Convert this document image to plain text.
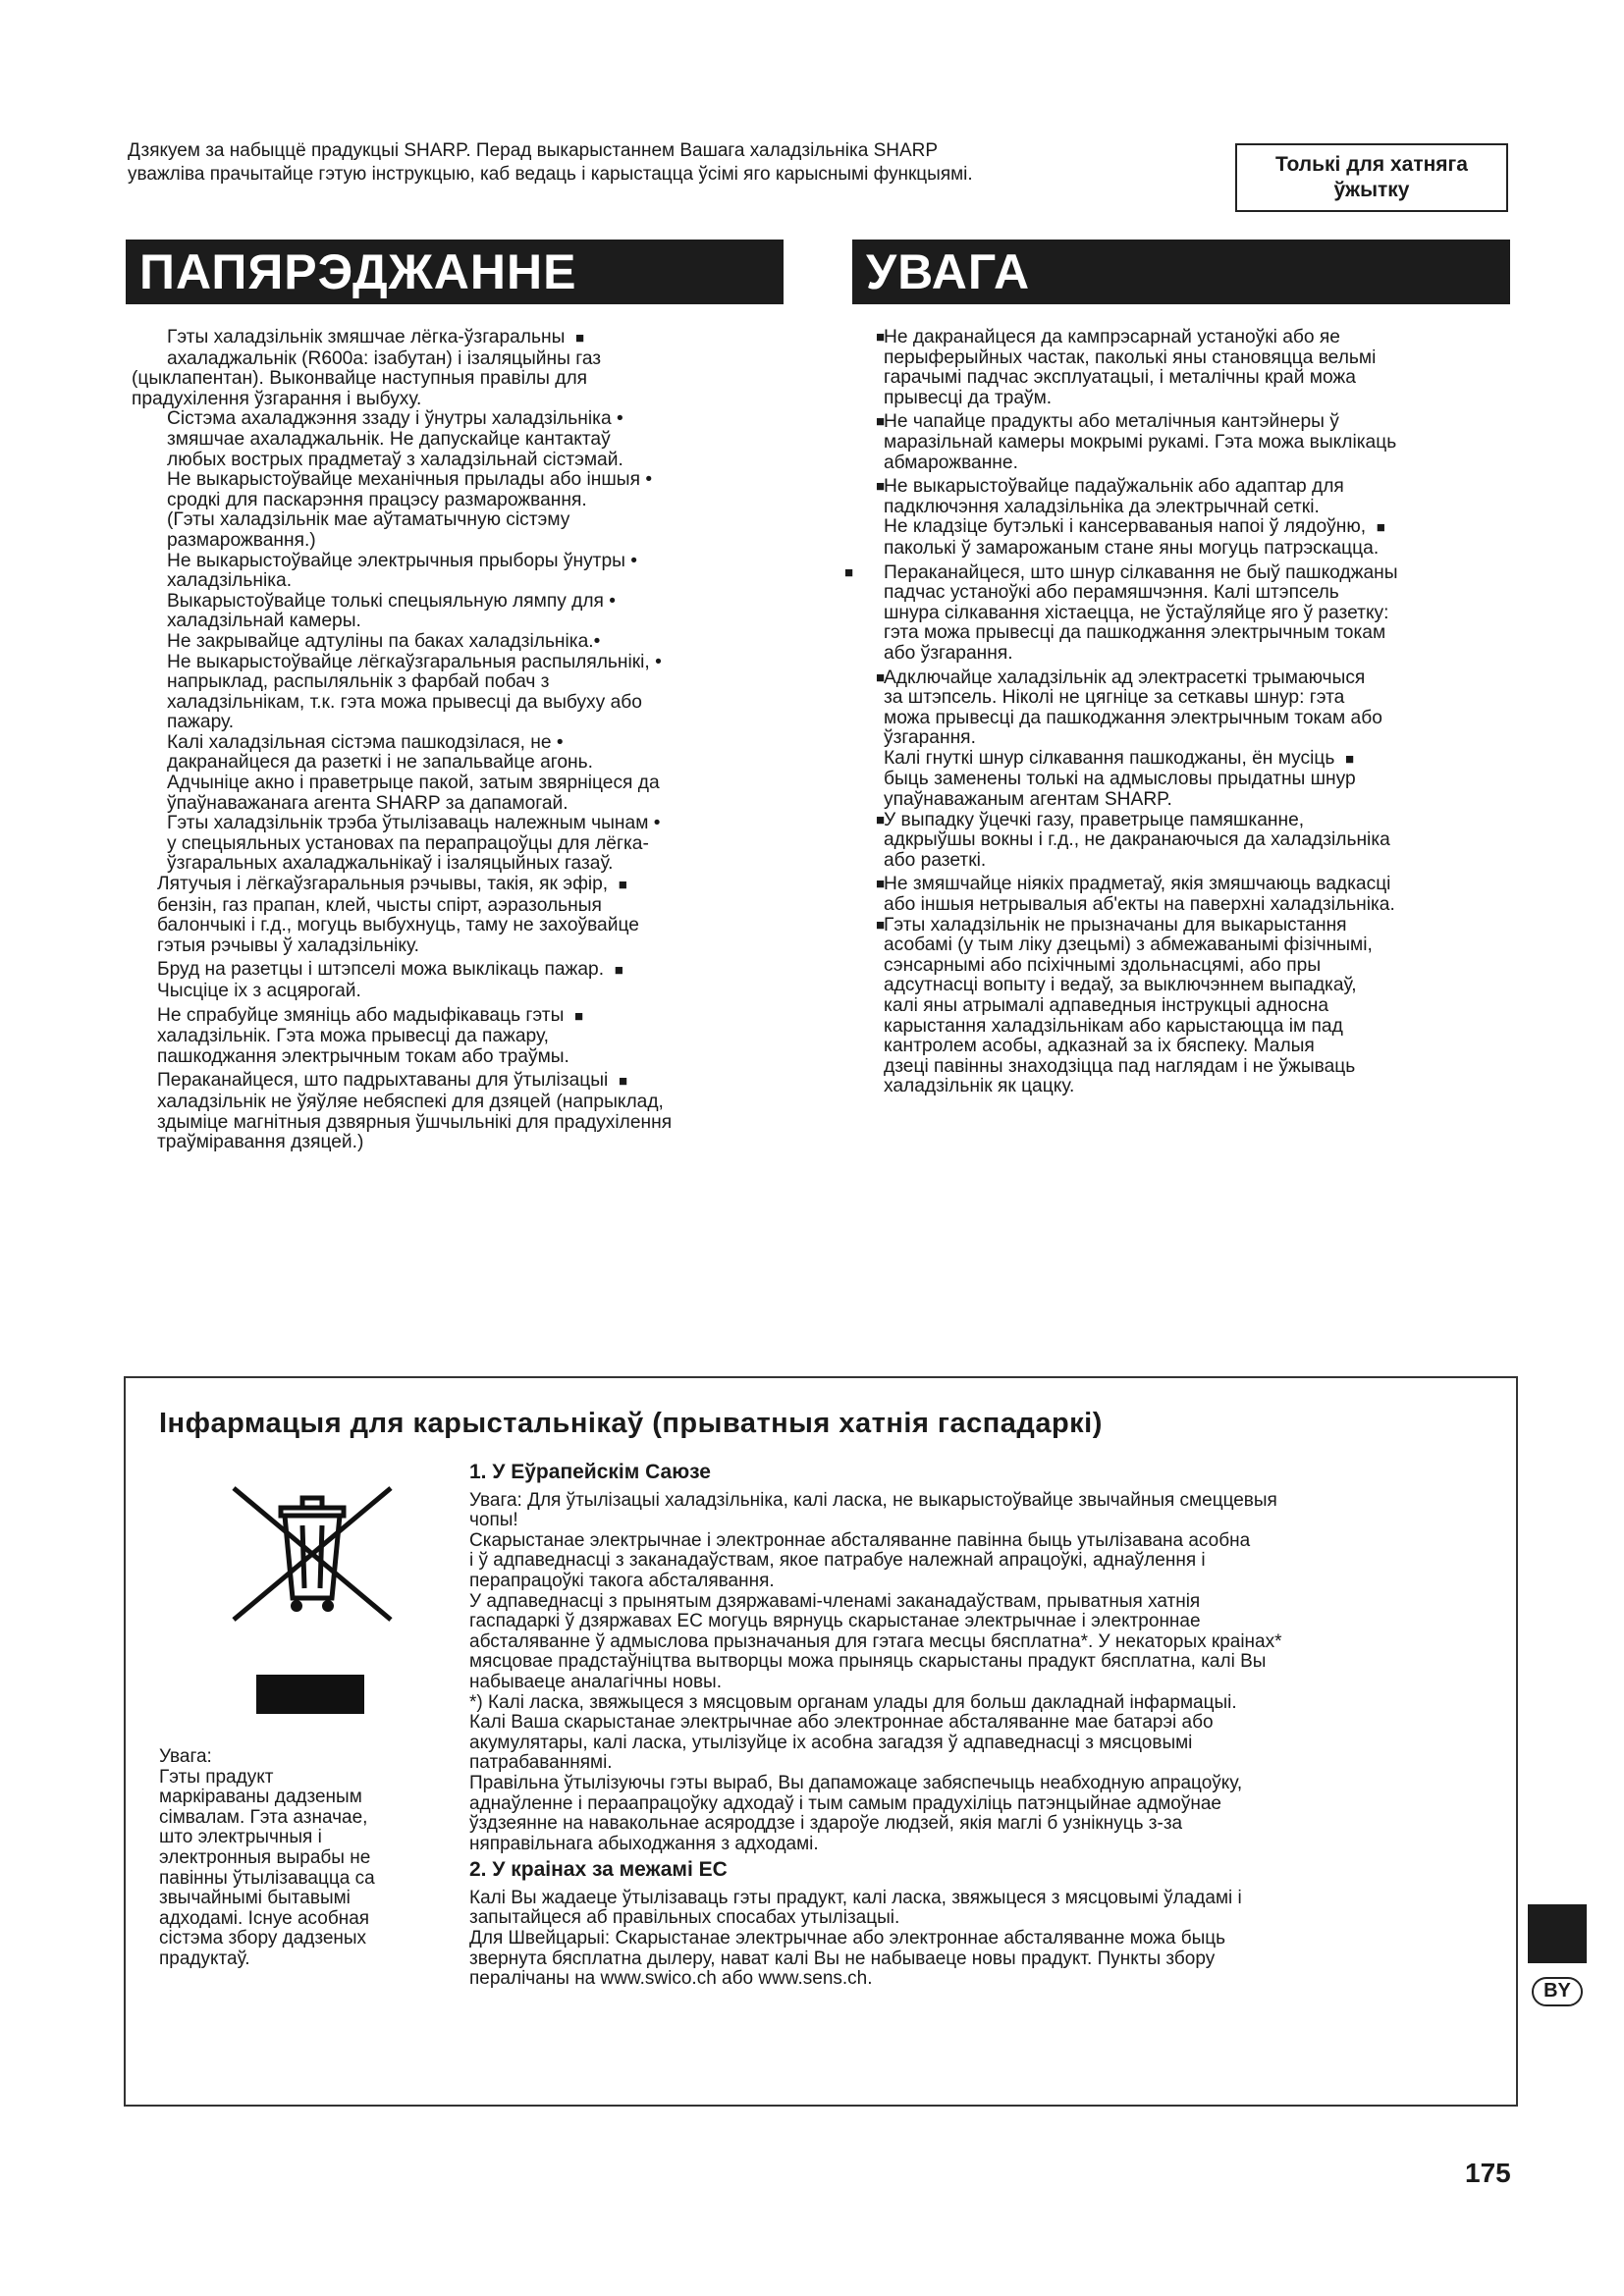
Дзякуем за набыццё прадукцыі SHARP. Перад выкарыстаннем Вашага халадзільніка SHARP
уважліва прачытайце гэтую інструкцыю, каб ведаць і карыстацца ўсімі яго карыснымі функцыямі.	Толькі для хатняга
ўжытку
ПАПЯРЭДЖАННЕ	УВАГА

Гэты халадзільнік змяшчае лёгка-ўзгаральны ■

ахаладжальнік (R600a: ізабутан) і ізаляцыйны газ

(цыклапентан). Выконвайце наступныя правілы для

прадухілення ўзгарання і выбуху.

Сістэма ахаладжэння ззаду і ўнутры халадзільніка •

змяшчае ахаладжальнік. Не дапускайце кантактаў

любых вострых прадметаў з халадзільнай сістэмай.

Не выкарыстоўвайце механічныя прылады або іншыя •

сродкі для паскарэння працэсу размарожвання.

(Гэты халадзільнік мае аўтаматычную сістэму

размарожвання.)

Не выкарыстоўвайце электрычныя прыборы ўнутры •

халадзільніка.

Выкарыстоўвайце толькі спецыяльную лямпу для •

халадзільнай камеры.

Не закрывайце адтуліны па баках халадзільніка.•

Не выкарыстоўвайце лёгкаўзгаральныя распыляльнікі, •

напрыклад, распыляльнік з фарбай побач з

халадзільнікам, т.к. гэта можа прывесці да выбуху або

пажару.

Калі халадзільная сістэма пашкодзілася, не •

дакранайцеся да разеткі і не запальвайце агонь.

Адчыніце акно і праветрыце пакой, затым звярніцеся да

ўпаўнаважанага агента SHARP за дапамогай.

Гэты халадзільнік трэба ўтылізаваць належным чынам •

у спецыяльных установах па перапрацоўцы для лёгка-

ўзгаральных ахаладжальнікаў і ізаляцыйных газаў.

Лятучыя і лёгкаўзгаральныя рэчывы, такія, як эфір, ■

бензін, газ прапан, клей, чысты спірт, аэразольныя

балончыкі і г.д., могуць выбухнуць, таму не захоўвайце

гэтыя рэчывы ў халадзільніку.

Бруд на разетцы і штэпселі можа выклікаць пажар. ■

Чысціце іх з асцярогай.

Не спрабуйце змяніць або мадыфікаваць гэты ■

халадзільнік. Гэта можа прывесці да пажару,

пашкоджання электрычным токам або траўмы.

Пераканайцеся, што падрыхтаваны для ўтылізацыі ■

халадзільнік не ўяўляе небяспекі для дзяцей (напрыклад,

здыміце магнітныя дзвярныя ўшчыльнікі для прадухілення

траўміравання дзяцей.)

■
Не дакранайцеся да кампрэсарнай устаноўкі або яе

перыферыйных частак, паколькі яны становяцца вельмі

гарачымі падчас эксплуатацыі, і металічны край можа

прывесці да траўм.

■
Не чапайце прадукты або металічныя кантэйнеры ў

маразільнай камеры мокрымі рукамі. Гэта можа выклікаць

абмарожванне.

■
Не выкарыстоўвайце падаўжальнік або адаптар для

падключэння халадзільніка да электрычнай сеткі.

Не кладзіце бутэлькі і кансерваваныя напоі ў лядоўню, ■

паколькі ў замарожаным стане яны могуць патрэскацца.

■ Пераканайцеся, што шнур сілкавання не быў пашкоджаны

падчас устаноўкі або перамяшчэння. Калі штэпсель

шнура сілкавання хістаецца, не ўстаўляйце яго ў разетку:

гэта можа прывесці да пашкоджання электрычным токам

або ўзгарання.

■
Адключайце халадзільнік ад электрасеткі трымаючыся

за штэпсель. Ніколі не цягніце за сеткавы шнур: гэта

можа прывесці да пашкоджання электрычным токам або

ўзгарання.

Калі гнуткі шнур сілкавання пашкоджаны, ён мусіць ■

быць заменены толькі на адмысловы прыдатны шнур

упаўнаважаным агентам SHARP.

■
У выпадку ўцечкі газу, праветрыце памяшканне,

адкрыўшы вокны і г.д., не дакранаючыся да халадзільніка

або разеткі.

■
Не змяшчайце ніякіх прадметаў, якія змяшчаюць вадкасці

або іншыя нетрывалыя аб'екты на паверхні халадзільніка.

■
Гэты халадзільнік не прызначаны для выкарыстання

асобамі (у тым ліку дзецьмі) з абмежаванымі фізічнымі,

сэнсарнымі або псіхічнымі здольнасцямі, або пры

адсутнасці вопыту і ведаў, за выключэннем выпадкаў,

калі яны атрымалі адпаведныя інструкцыі адносна

карыстання халадзільнікам або карыстаюцца ім пад

кантролем асобы, адказнай за іх бяспеку. Малыя

дзеці павінны знаходзіцца пад наглядам і не ўжываць

халадзільнік як цацку.

Інфармацыя для карыстальнікаў (прыватныя хатнія гаспадаркі)
Увага:
Гэты прадукт
маркіраваны дадзеным
сімвалам. Гэта азначае,
што электрычныя і
электронныя вырабы не
павінны ўтылізавацца са
звычайнымі бытавымі
адходамі. Існуе асобная
сістэма збору дадзеных
прадуктаў.
1. У Еўрапейскім Саюзе

Увага: Для ўтылізацыі халадзільніка, калі ласка, не выкарыстоўвайце звычайныя смеццевыя

чопы!

Скарыстанае электрычнае і электроннае абсталяванне павінна быць утылізавана асобна

і ў адпаведнасці з заканадаўствам, якое патрабуе належнай апрацоўкі, аднаўлення і

перапрацоўкі такога абсталявання.

У адпаведнасці з прынятым дзяржавамі-членамі заканадаўствам, прыватныя хатнія

гаспадаркі ў дзяржавах ЕС могуць вярнуць скарыстанае электрычнае і электроннае

абсталяванне ў адмыслова прызначаныя для гэтага месцы бясплатна*. У некаторых краінах*

мясцовае прадстаўніцтва вытворцы можа прыняць скарыстаны прадукт бясплатна, калі Вы

набываеце аналагічны новы.

*) Калі ласка, звяжыцеся з мясцовым органам улады для больш дакладнай інфармацыі.

Калі Ваша скарыстанае электрычнае або электроннае абсталяванне мае батарэі або

акумулятары, калі ласка, утылізуйце іх асобна загадзя ў адпаведнасці з мясцовымі

патрабаваннямі.

Правільна ўтылізуючы гэты выраб, Вы дапаможаце забяспечыць неабходную апрацоўку,

аднаўленне і пераапрацоўку адходаў і тым самым прадухіліць патэнцыйнае адмоўнае

ўздзеянне на навакольнае асяроддзе і здароўе людзей, якія маглі б узнікнуць з-за

няправільнага абыходжання з адходамі.

2. У краінах за межамі ЕС

Калі Вы жадаеце ўтылізаваць гэты прадукт, калі ласка, звяжыцеся з мясцовымі ўладамі і

запытайцеся аб правільных спосабах утылізацыі.

Для Швейцарыі: Скарыстанае электрычнае або электроннае абсталяванне можа быць

звернута бясплатна дылеру, нават калі Вы не набываеце новы прадукт. Пункты збору

пералічаны на www.swico.ch або www.sens.ch.

BY
175
